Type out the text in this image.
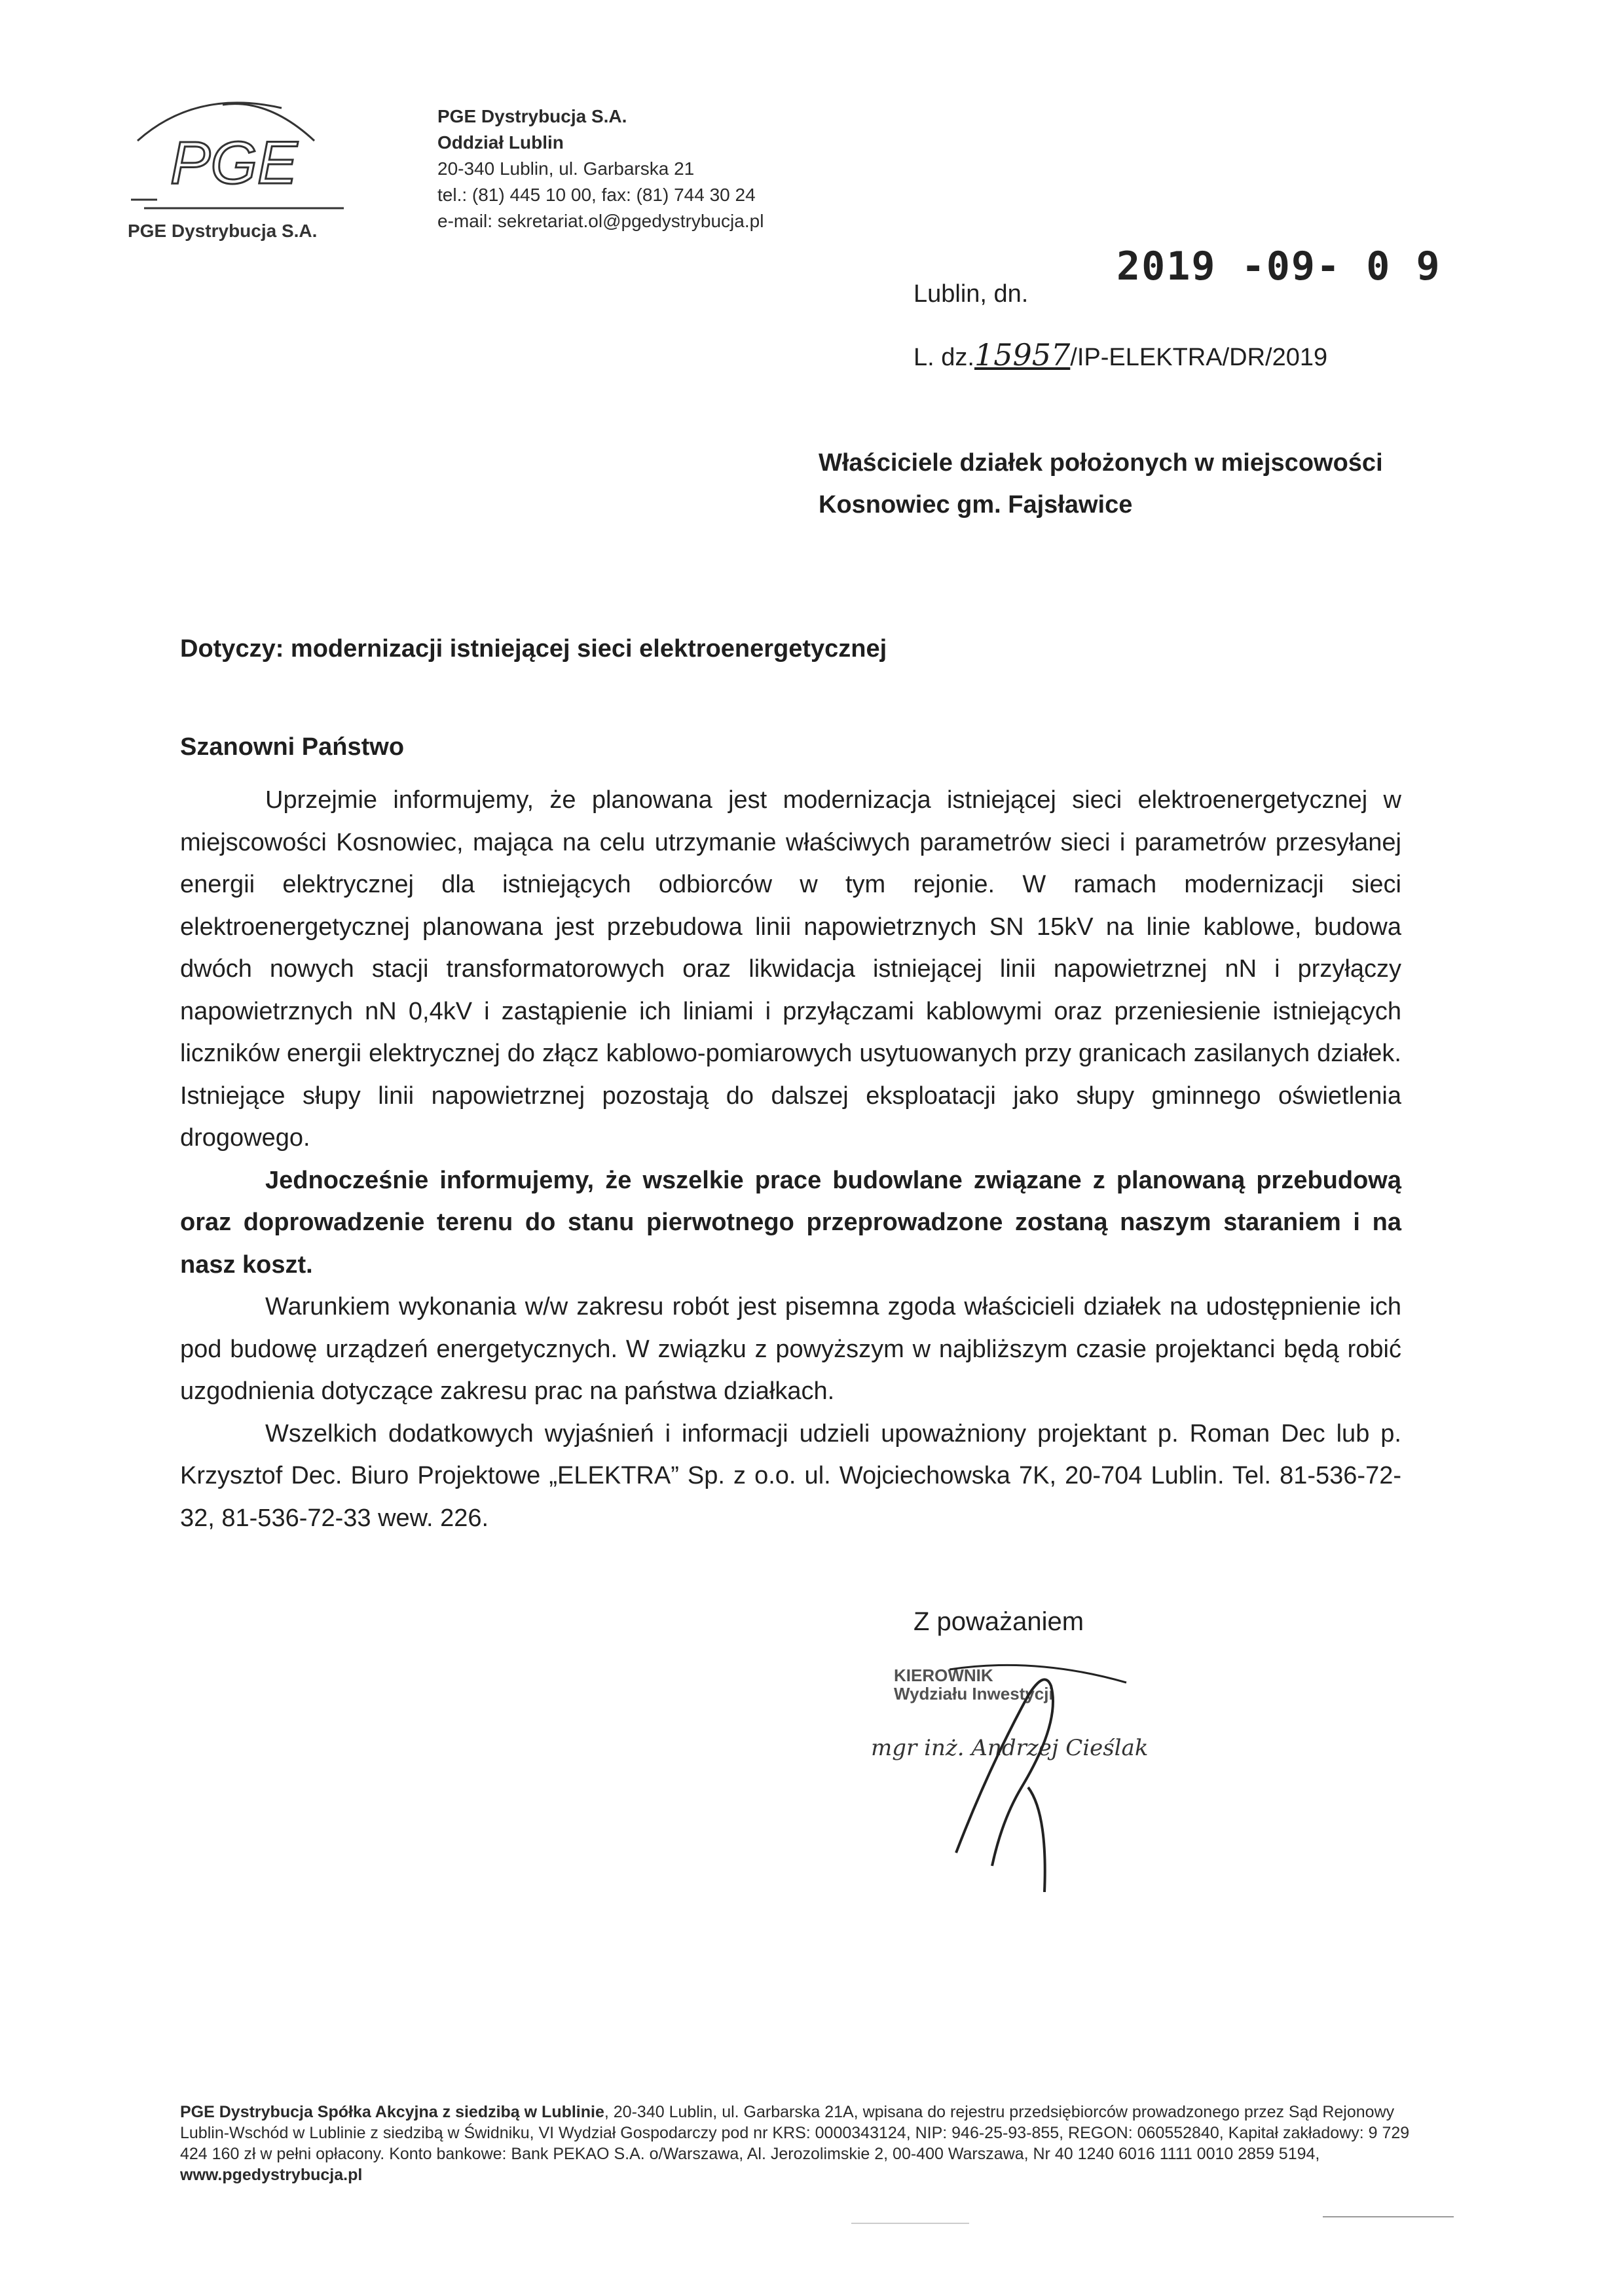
PGE
PGE Dystrybucja S.A.
PGE Dystrybucja S.A.
Oddział Lublin
20-340 Lublin, ul. Garbarska 21
tel.: (81) 445 10 00, fax: (81) 744 30 24
e-mail: sekretariat.ol@pgedystrybucja.pl
2019 -09- 0 9
Lublin, dn.
L. dz.15957/IP-ELEKTRA/DR/2019
Właściciele działek położonych w miejscowości
Kosnowiec gm. Fajsławice
Dotyczy: modernizacji istniejącej sieci elektroenergetycznej
Szanowni Państwo

Uprzejmie informujemy, że planowana jest modernizacja istniejącej sieci elektroenergetycznej w miejscowości Kosnowiec, mająca na celu utrzymanie właściwych parametrów sieci i parametrów przesyłanej energii elektrycznej dla istniejących odbiorców w tym rejonie. W ramach modernizacji sieci elektroenergetycznej planowana jest przebudowa linii napowietrznych SN 15kV na linie kablowe, budowa dwóch nowych stacji transformatorowych oraz likwidacja istniejącej linii napowietrznej nN i przyłączy napowietrznych nN 0,4kV i zastąpienie ich liniami i przyłączami kablowymi oraz przeniesienie istniejących liczników energii elektrycznej do złącz kablowo-pomiarowych usytuowanych przy granicach zasilanych działek. Istniejące słupy linii napowietrznej pozostają do dalszej eksploatacji jako słupy gminnego oświetlenia drogowego.

Jednocześnie informujemy, że wszelkie prace budowlane związane z planowaną przebudową oraz doprowadzenie terenu do stanu pierwotnego przeprowadzone zostaną naszym staraniem i na nasz koszt.

Warunkiem wykonania w/w zakresu robót jest pisemna zgoda właścicieli działek na udostępnienie ich pod budowę urządzeń energetycznych. W związku z powyższym w najbliższym czasie projektanci będą robić uzgodnienia dotyczące zakresu prac na państwa działkach.

Wszelkich dodatkowych wyjaśnień i informacji udzieli upoważniony projektant p. Roman Dec lub p. Krzysztof Dec. Biuro Projektowe „ELEKTRA” Sp. z o.o. ul. Wojciechowska 7K, 20-704 Lublin. Tel. 81-536-72-32, 81-536-72-33 wew. 226.

Z poważaniem
KIEROWNIK
Wydziału Inwestycji
mgr inż. Andrzej Cieślak
PGE Dystrybucja Spółka Akcyjna z siedzibą w Lublinie, 20-340 Lublin, ul. Garbarska 21A, wpisana do rejestru przedsiębiorców prowadzonego przez Sąd Rejonowy Lublin-Wschód w Lublinie z siedzibą w Świdniku, VI Wydział Gospodarczy pod nr KRS: 0000343124, NIP: 946-25-93-855, REGON: 060552840, Kapitał zakładowy: 9 729 424 160 zł w pełni opłacony. Konto bankowe: Bank PEKAO S.A. o/Warszawa, Al. Jerozolimskie 2, 00-400 Warszawa, Nr 40 1240 6016 1111 0010 2859 5194, www.pgedystrybucja.pl
